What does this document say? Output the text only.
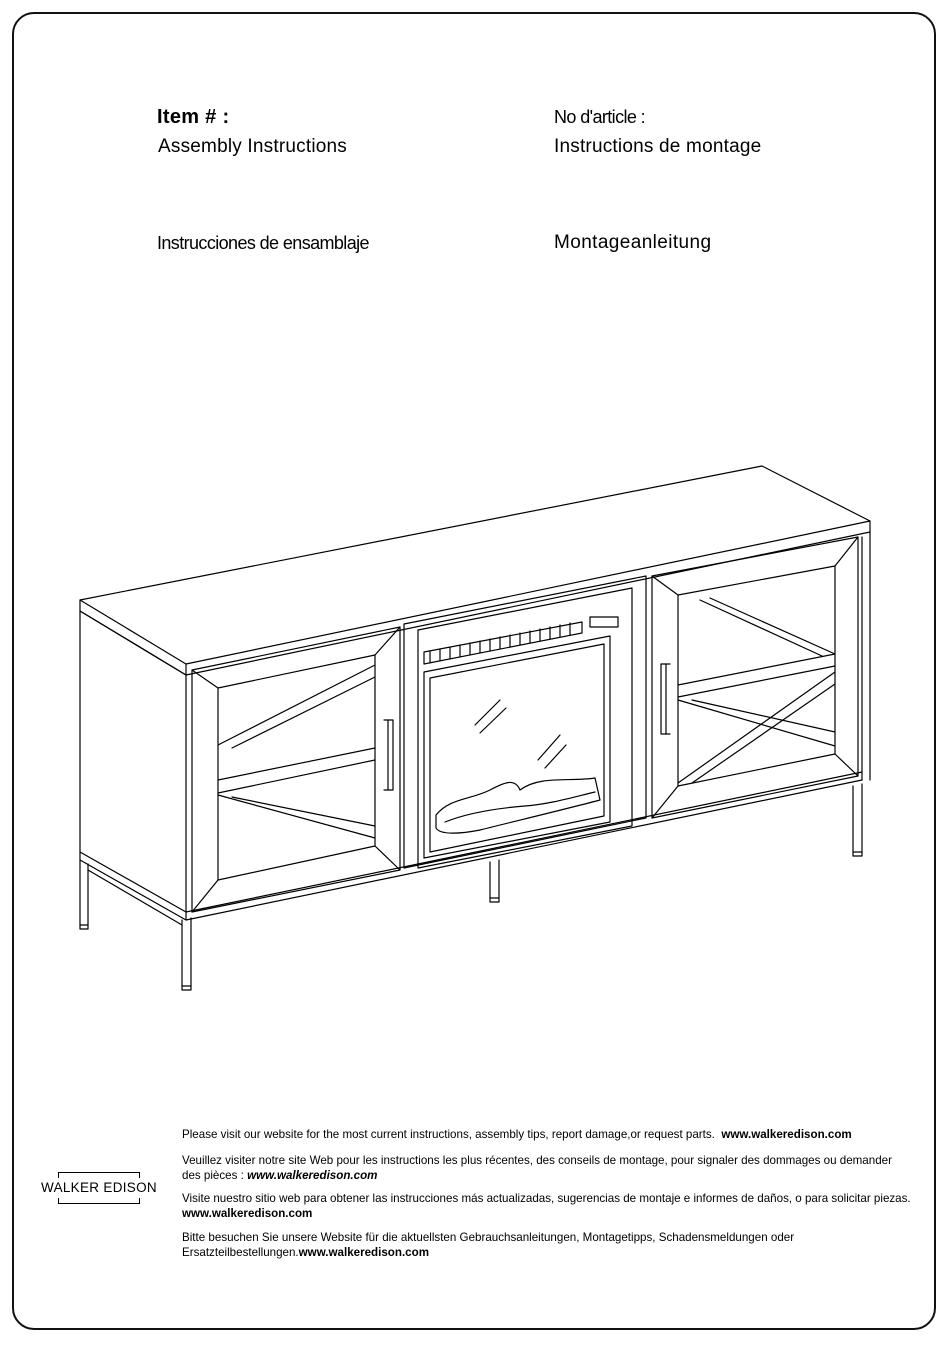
Item # :	No d'article :
Assembly Instructions	Instructions de montage
Instrucciones de ensamblaje	Montageanleitung
WALKER EDISON
Please visit our website for the most current instructions, assembly tips, report damage,or request parts. www.walkeredison.com
Veuillez visiter notre site Web pour les instructions les plus récentes, des conseils de montage, pour signaler des dommages ou demander des pièces : www.walkeredison.com
Visite nuestro sitio web para obtener las instrucciones más actualizadas, sugerencias de montaje e informes de daños, o para solicitar piezas. www.walkeredison.com
Bitte besuchen Sie unsere Website für die aktuellsten Gebrauchsanleitungen, Montagetipps, Schadensmeldungen oder Ersatzteilbestellungen.www.walkeredison.com
